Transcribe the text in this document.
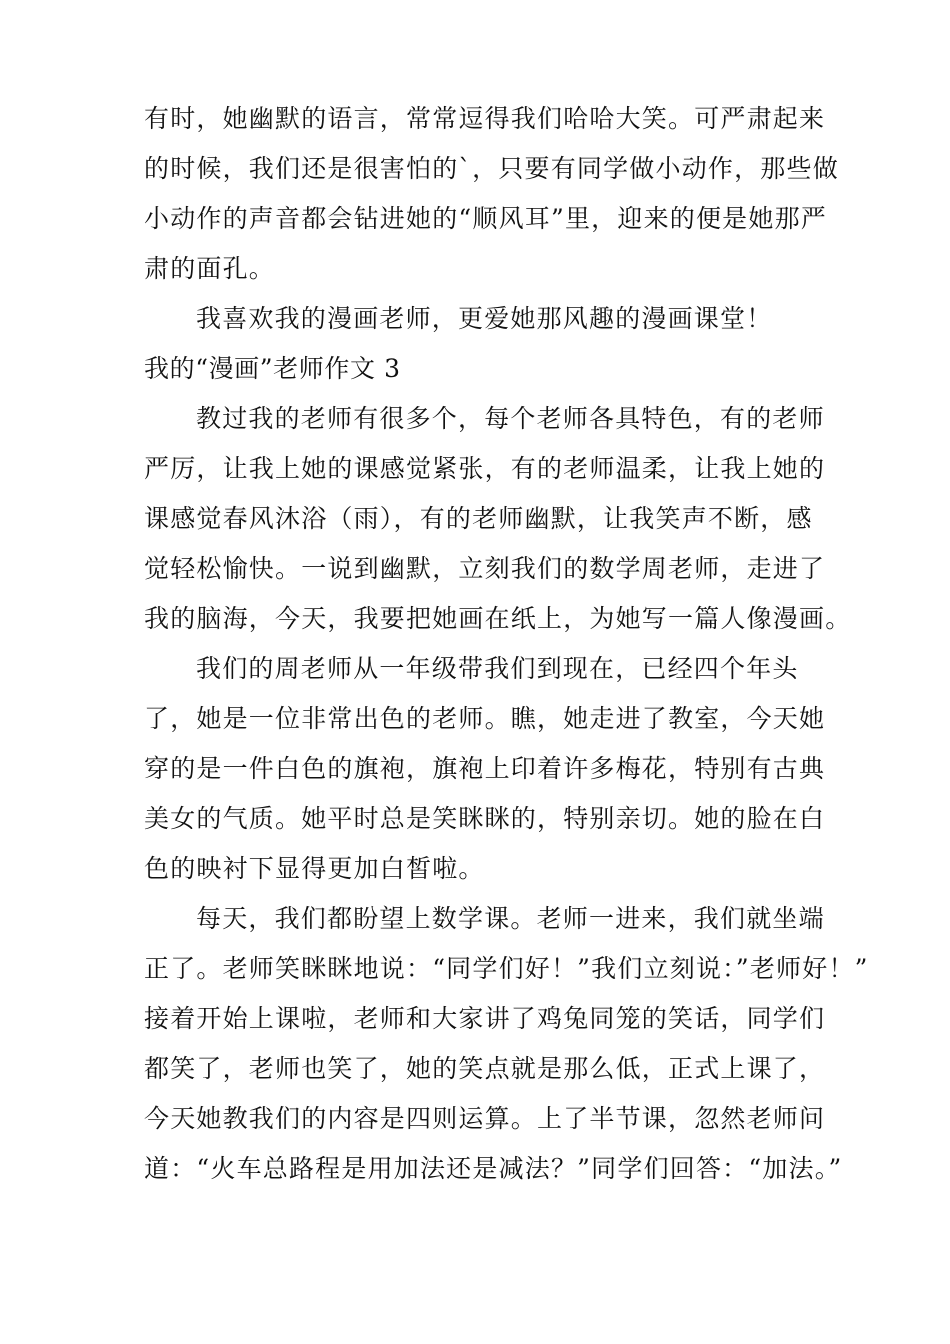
有时，她幽默的语言，常常逗得我们哈哈大笑。可严肃起来
的时候，我们还是很害怕的`，只要有同学做小动作，那些做
小动作的声音都会钻进她的“顺风耳”里，迎来的便是她那严
肃的面孔。
我喜欢我的漫画老师，更爱她那风趣的漫画课堂！
我的“漫画”老师作文 3
教过我的老师有很多个，每个老师各具特色，有的老师
严厉，让我上她的课感觉紧张，有的老师温柔，让我上她的
课感觉春风沐浴（雨），有的老师幽默，让我笑声不断，感
觉轻松愉快。一说到幽默，立刻我们的数学周老师，走进了
我的脑海，今天，我要把她画在纸上，为她写一篇人像漫画。
我们的周老师从一年级带我们到现在，已经四个年头
了，她是一位非常出色的老师。瞧，她走进了教室，今天她
穿的是一件白色的旗袍，旗袍上印着许多梅花，特别有古典
美女的气质。她平时总是笑眯眯的，特别亲切。她的脸在白
色的映衬下显得更加白皙啦。
每天，我们都盼望上数学课。老师一进来，我们就坐端
正了。老师笑眯眯地说：“同学们好！”我们立刻说：”老师好！”
接着开始上课啦，老师和大家讲了鸡兔同笼的笑话，同学们
都笑了，老师也笑了，她的笑点就是那么低，正式上课了，
今天她教我们的内容是四则运算。上了半节课，忽然老师问
道：“火车总路程是用加法还是减法？”同学们回答：“加法。”
